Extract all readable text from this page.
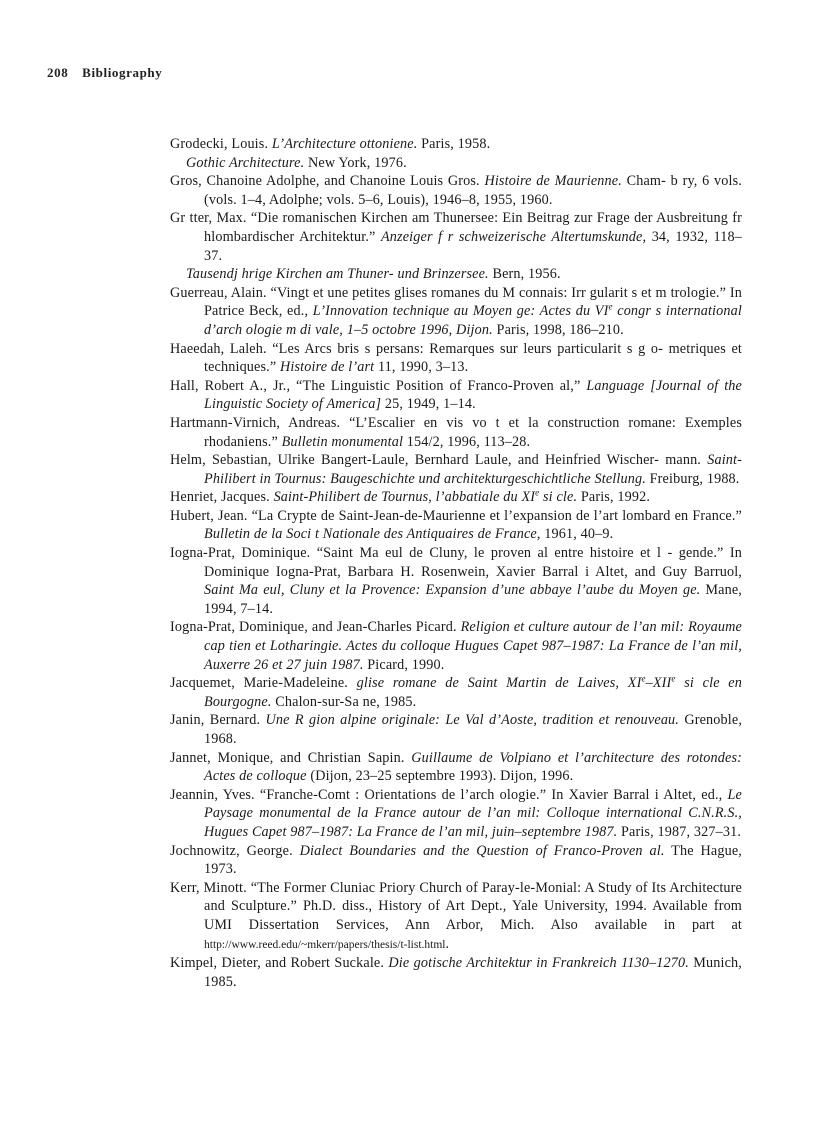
208 Bibliography
Grodecki, Louis. L’Architecture ottoniene. Paris, 1958.
Gothic Architecture. New York, 1976.
Gros, Chanoine Adolphe, and Chanoine Louis Gros. Histoire de Maurienne. Cham- b ry, 6 vols. (vols. 1–4, Adolphe; vols. 5–6, Louis), 1946–8, 1955, 1960.
Gr tter, Max. “Die romanischen Kirchen am Thunersee: Ein Beitrag zur Frage der Ausbreitung fr hlombardischer Architektur.” Anzeiger f r schweizerische Altertumskunde, 34, 1932, 118–37.
Tausendj hrige Kirchen am Thuner- und Brinzersee. Bern, 1956.
Guerreau, Alain. “Vingt et une petites glises romanes du M connais: Irr gularit s et m trologie.” In Patrice Beck, ed., L’Innovation technique au Moyen ge: Actes du VIe congr s international d’arch ologie m di vale, 1–5 octobre 1996, Dijon. Paris, 1998, 186–210.
Haeedah, Laleh. “Les Arcs bris s persans: Remarques sur leurs particularit s g o- metriques et techniques.” Histoire de l’art 11, 1990, 3–13.
Hall, Robert A., Jr., “The Linguistic Position of Franco-Proven al,” Language [Journal of the Linguistic Society of America] 25, 1949, 1–14.
Hartmann-Virnich, Andreas. “L’Escalier en vis vo t et la construction romane: Exemples rhodaniens.” Bulletin monumental 154/2, 1996, 113–28.
Helm, Sebastian, Ulrike Bangert-Laule, Bernhard Laule, and Heinfried Wischer- mann. Saint-Philibert in Tournus: Baugeschichte und architekturgeschichtliche Stellung. Freiburg, 1988.
Henriet, Jacques. Saint-Philibert de Tournus, l’abbatiale du XIe si cle. Paris, 1992.
Hubert, Jean. “La Crypte de Saint-Jean-de-Maurienne et l’expansion de l’art lombard en France.” Bulletin de la Soci t Nationale des Antiquaires de France, 1961, 40–9.
Iogna-Prat, Dominique. “Saint Ma eul de Cluny, le proven al entre histoire et l - gende.” In Dominique Iogna-Prat, Barbara H. Rosenwein, Xavier Barral i Altet, and Guy Barruol, Saint Ma eul, Cluny et la Provence: Expansion d’une abbaye l’aube du Moyen ge. Mane, 1994, 7–14.
Iogna-Prat, Dominique, and Jean-Charles Picard. Religion et culture autour de l’an mil: Royaume cap tien et Lotharingie. Actes du colloque Hugues Capet 987–1987: La France de l’an mil, Auxerre 26 et 27 juin 1987. Picard, 1990.
Jacquemet, Marie-Madeleine. glise romane de Saint Martin de Laives, XIe–XIIe si cle en Bourgogne. Chalon-sur-Sa ne, 1985.
Janin, Bernard. Une R gion alpine originale: Le Val d’Aoste, tradition et renouveau. Grenoble, 1968.
Jannet, Monique, and Christian Sapin. Guillaume de Volpiano et l’architecture des rotondes: Actes de colloque (Dijon, 23–25 septembre 1993). Dijon, 1996.
Jeannin, Yves. “Franche-Comt : Orientations de l’arch ologie.” In Xavier Barral i Altet, ed., Le Paysage monumental de la France autour de l’an mil: Colloque international C.N.R.S., Hugues Capet 987–1987: La France de l’an mil, juin–septembre 1987. Paris, 1987, 327–31.
Jochnowitz, George. Dialect Boundaries and the Question of Franco-Proven al. The Hague, 1973.
Kerr, Minott. “The Former Cluniac Priory Church of Paray-le-Monial: A Study of Its Architecture and Sculpture.” Ph.D. diss., History of Art Dept., Yale University, 1994. Available from UMI Dissertation Services, Ann Arbor, Mich. Also available in part at http://www.reed.edu/~mkerr/papers/thesis/t-list.html.
Kimpel, Dieter, and Robert Suckale. Die gotische Architektur in Frankreich 1130–1270. Munich, 1985.
